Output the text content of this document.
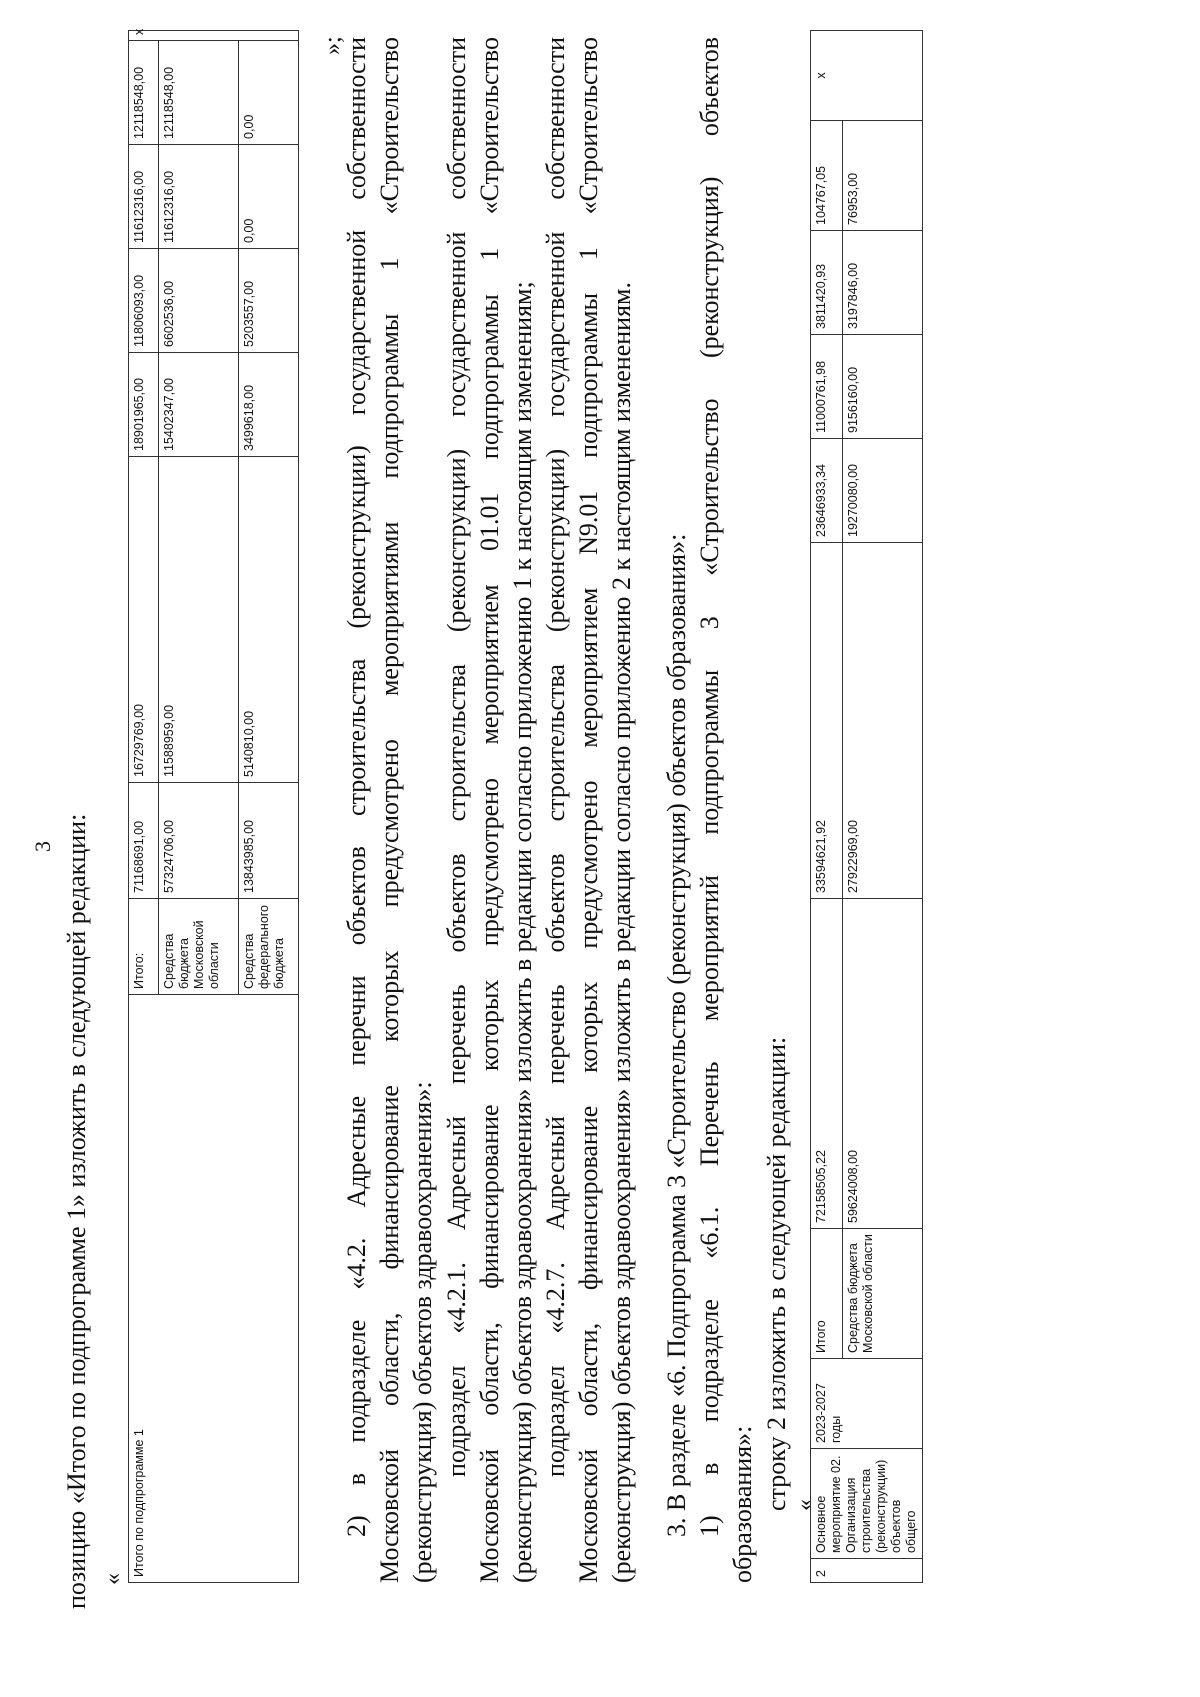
3 позицию «Итого по подпрограмме 1» изложить в следующей редакции: «
Итого по подпрограмме 1	Итого:	71168691,00	16729769,00	18901965,00	11806093,00	11612316,00	12118548,00	x
	Средства бюджета Московской области	57324706,00	11588959,00	15402347,00	6602536,00	11612316,00	12118548,00	
	Средства федерального бюджета	13843985,00	5140810,00	3499618,00	5203557,00	0,00	0,00	
»;
2) в подразделе «4.2. Адресные перечни объектов строительства (реконструкции) государственной собственности Московской области, финансирование которых предусмотрено мероприятиями подпрограммы 1 «Строительство (реконструкция) объектов здравоохранения»: подраздел «4.2.1. Адресный перечень объектов строительства (реконструкции) государственной собственности Московской области, финансирование которых предусмотрено мероприятием 01.01 подпрограммы 1 «Строительство (реконструкция) объектов здравоохранения» изложить в редакции согласно приложению 1 к настоящим изменениям; подраздел «4.2.7. Адресный перечень объектов строительства (реконструкции) государственной собственности Московской области, финансирование которых предусмотрено мероприятием N9.01 подпрограммы 1 «Строительство (реконструкция) объектов здравоохранения» изложить в редакции согласно приложению 2 к настоящим изменениям. 3. В разделе «6. Подпрограмма 3 «Строительство (реконструкция) объектов образования»: 1) в подразделе «6.1. Перечень мероприятий подпрограммы 3 «Строительство (реконструкция) объектов образования»: строку 2 изложить в следующей редакции: «
2	Основное мероприятие 02. Организация строительства (реконструкции) объектов общего	2023-2027 годы	Итого	72158505,22	33594621,92	23646933,34	11000761,98	3811420,93	104767,05	x
			Средства бюджета Московской области	59624008,00	27922969,00	19270080,00	9156160,00	3197846,00	76953,00	
